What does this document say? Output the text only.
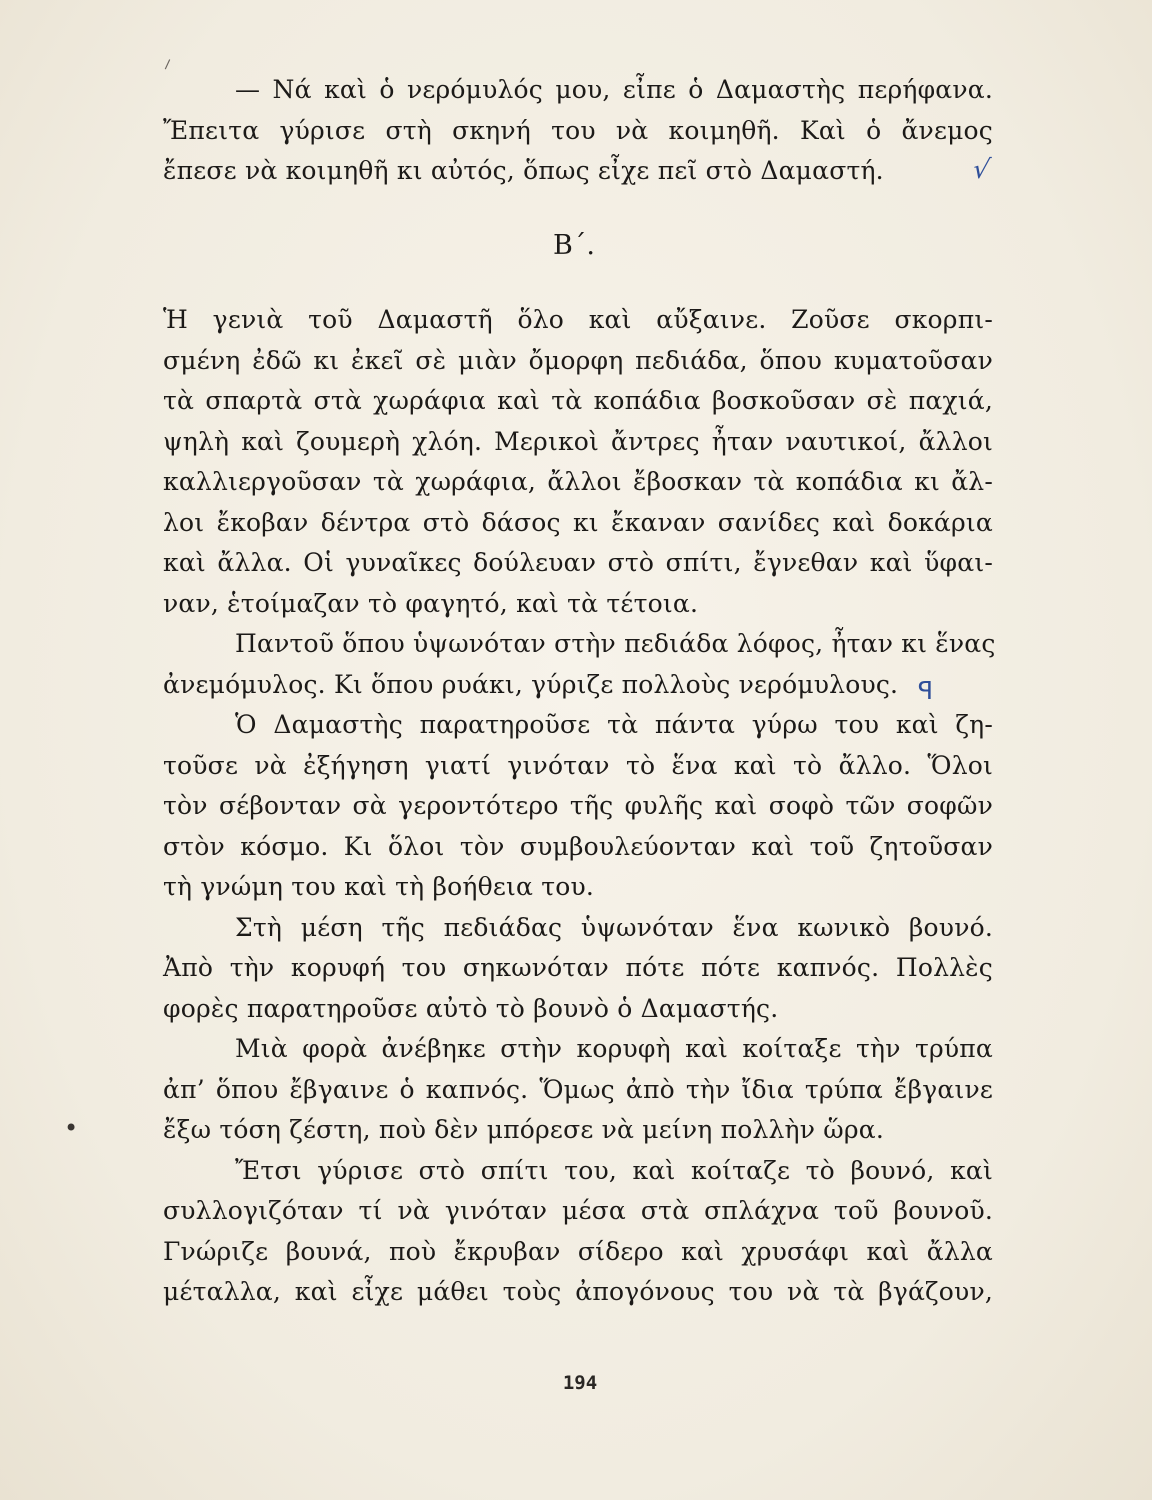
— Νά καὶ ὁ νερόμυλός μου, εἶπε ὁ Δαμαστὴς περήφανα.
Ἔπειτα γύρισε στὴ σκηνή του νὰ κοιμηθῆ. Καὶ ὁ ἄνεμος
ἔπεσε νὰ κοιμηθῆ κι αὐτός, ὅπως εἶχε πεῖ στὸ Δαμαστή.
Β΄.
Ἡ γενιὰ τοῦ Δαμαστῆ ὅλο καὶ αὔξαινε. Ζοῦσε σκορπι-
σμένη ἐδῶ κι ἐκεῖ σὲ μιὰν ὄμορφη πεδιάδα, ὅπου κυματοῦσαν
τὰ σπαρτὰ στὰ χωράφια καὶ τὰ κοπάδια βοσκοῦσαν σὲ παχιά,
ψηλὴ καὶ ζουμερὴ χλόη. Μερικοὶ ἄντρες ἦταν ναυτικοί, ἄλλοι
καλλιεργοῦσαν τὰ χωράφια, ἄλλοι ἔβοσκαν τὰ κοπάδια κι ἄλ-
λοι ἔκοβαν δέντρα στὸ δάσος κι ἔκαναν σανίδες καὶ δοκάρια
καὶ ἄλλα. Οἱ γυναῖκες δούλευαν στὸ σπίτι, ἔγνεθαν καὶ ὕφαι-
ναν, ἑτοίμαζαν τὸ φαγητό, καὶ τὰ τέτοια.
Παντοῦ ὅπου ὑψωνόταν στὴν πεδιάδα λόφος, ἦταν κι ἕνας
ἀνεμόμυλος. Κι ὅπου ρυάκι, γύριζε πολλοὺς νερόμυλους.
Ὁ Δαμαστὴς παρατηροῦσε τὰ πάντα γύρω του καὶ ζη-
τοῦσε νὰ ἐξήγηση γιατί γινόταν τὸ ἕνα καὶ τὸ ἄλλο. Ὅλοι
τὸν σέβονταν σὰ γεροντότερο τῆς φυλῆς καὶ σοφὸ τῶν σοφῶν
στὸν κόσμο. Κι ὅλοι τὸν συμβουλεύονταν καὶ τοῦ ζητοῦσαν
τὴ γνώμη του καὶ τὴ βοήθεια του.
Στὴ μέση τῆς πεδιάδας ὑψωνόταν ἕνα κωνικὸ βουνό.
Ἀπὸ τὴν κορυφή του σηκωνόταν πότε πότε καπνός. Πολλὲς
φορὲς παρατηροῦσε αὐτὸ τὸ βουνὸ ὁ Δαμαστής.
Μιὰ φορὰ ἀνέβηκε στὴν κορυφὴ καὶ κοίταξε τὴν τρύπα
ἀπ’ ὅπου ἔβγαινε ὁ καπνός. Ὅμως ἀπὸ τὴν ἴδια τρύπα ἔβγαινε
ἔξω τόση ζέστη, ποὺ δὲν μπόρεσε νὰ μείνη πολλὴν ὥρα.
Ἔτσι γύρισε στὸ σπίτι του, καὶ κοίταζε τὸ βουνό, καὶ
συλλογιζόταν τί νὰ γινόταν μέσα στὰ σπλάχνα τοῦ βουνοῦ.
Γνώριζε βουνά, ποὺ ἔκρυβαν σίδερο καὶ χρυσάφι καὶ ἄλλα
μέταλλα, καὶ εἶχε μάθει τοὺς ἀπογόνους του νὰ τὰ βγάζουν,
⸝
√
ꟼ
•
194
